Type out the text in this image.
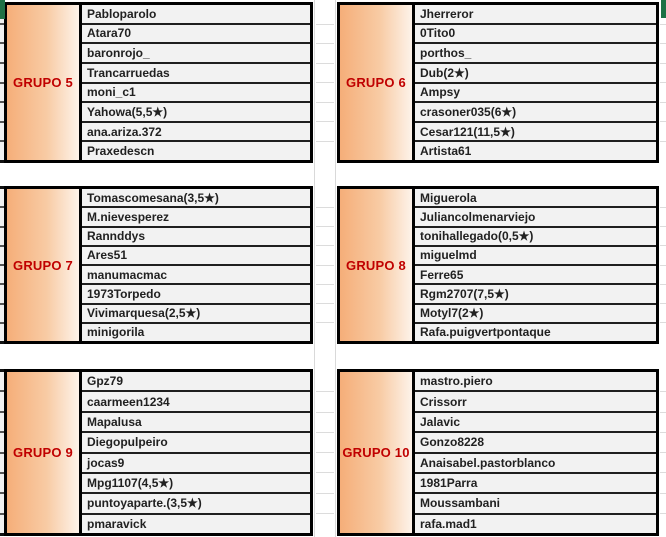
GRUPO 5
Pabloparolo
Atara70
baronrojo_
Trancarruedas
moni_c1
Yahowa(5,5★)
ana.ariza.372
Praxedescn
GRUPO 6
Jherreror
0Tito0
porthos_
Dub(2★)
Ampsy
crasoner035(6★)
Cesar121(11,5★)
Artista61
GRUPO 7
Tomascomesana(3,5★)
M.nievesperez
Rannddys
Ares51
manumacmac
1973Torpedo
Vivimarquesa(2,5★)
minigorila
GRUPO 8
Miguerola
Juliancolmenarviejo
tonihallegado(0,5★)
miguelmd
Ferre65
Rgm2707(7,5★)
Motyl7(2★)
Rafa.puigvertpontaque
GRUPO 9
Gpz79
caarmeen1234
Mapalusa
Diegopulpeiro
jocas9
Mpg1107(4,5★)
puntoyaparte.(3,5★)
pmaravick
GRUPO 10
mastro.piero
Crissorr
Jalavic
Gonzo8228
Anaisabel.pastorblanco
1981Parra
Moussambani
rafa.mad1
